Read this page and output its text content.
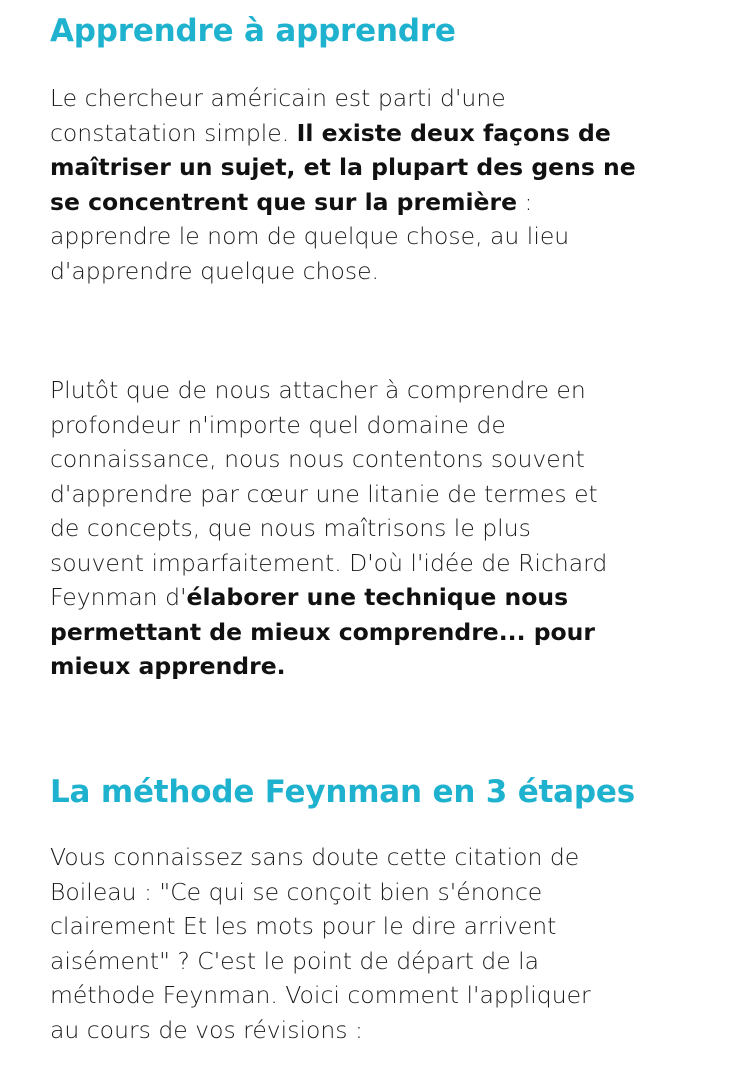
Apprendre à apprendre

Le chercheur américain est parti d'une
constatation simple. Il existe deux façons de
maîtriser un sujet, et la plupart des gens ne
se concentrent que sur la première :
apprendre le nom de quelque chose, au lieu
d'apprendre quelque chose.

Plutôt que de nous attacher à comprendre en
profondeur n'importe quel domaine de
connaissance, nous nous contentons souvent
d'apprendre par cœur une litanie de termes et
de concepts, que nous maîtrisons le plus
souvent imparfaitement. D'où l'idée de Richard
Feynman d'élaborer une technique nous
permettant de mieux comprendre... pour
mieux apprendre.

La méthode Feynman en 3 étapes

Vous connaissez sans doute cette citation de
Boileau : "Ce qui se conçoit bien s'énonce
clairement Et les mots pour le dire arrivent
aisément" ? C'est le point de départ de la
méthode Feynman. Voici comment l'appliquer
au cours de vos révisions :
